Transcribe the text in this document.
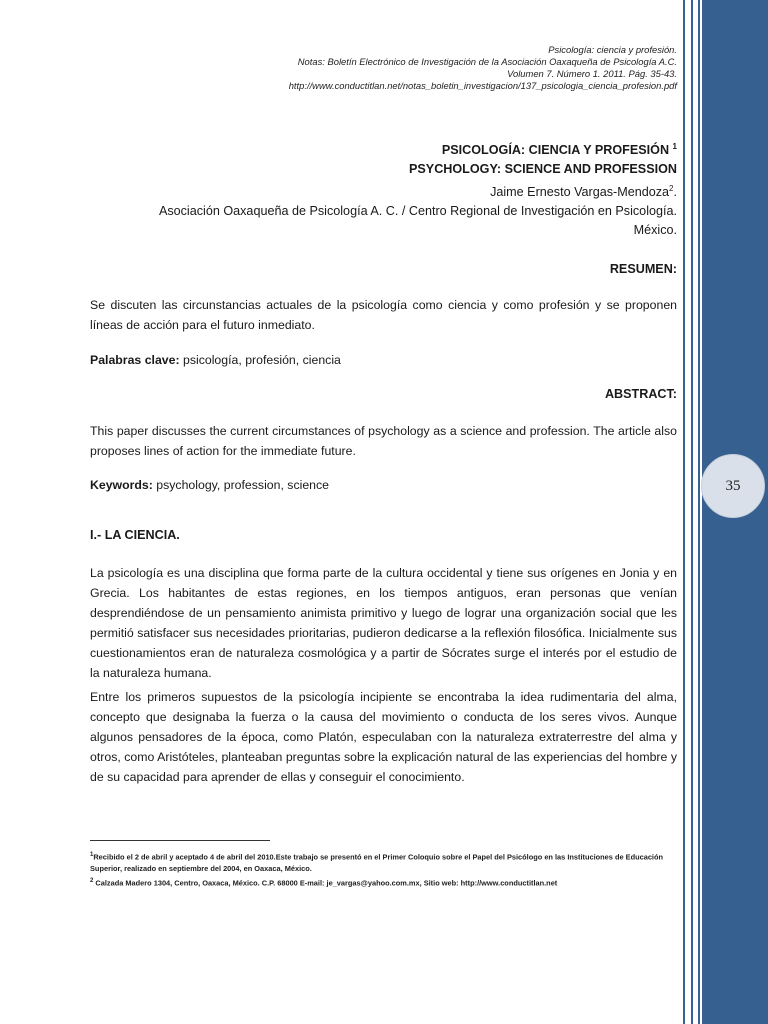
35
Psicología: ciencia y profesión.
Notas: Boletín Electrónico de Investigación de la Asociación Oaxaqueña de Psicología A.C.
Volumen 7. Número 1. 2011. Pág. 35-43.
http://www.conductitlan.net/notas_boletin_investigacion/137_psicologia_ciencia_profesion.pdf
PSICOLOGÍA: CIENCIA Y PROFESIÓN $^1$
PSYCHOLOGY: SCIENCE AND PROFESSION
Jaime Ernesto Vargas-Mendoza$^2$.
Asociación Oaxaqueña de Psicología A. C. / Centro Regional de Investigación en Psicología.
México.
RESUMEN:
Se discuten las circunstancias actuales de la psicología como ciencia y como profesión y se proponen líneas de acción para el futuro inmediato.
Palabras clave: psicología, profesión, ciencia
ABSTRACT:
This paper discusses the current circumstances of psychology as a science and profession. The article also proposes lines of action for the immediate future.
Keywords: psychology, profession, science
I.- LA CIENCIA.
La psicología es una disciplina que forma parte de la cultura occidental y tiene sus orígenes en Jonia y en Grecia. Los habitantes de estas regiones, en los tiempos antiguos, eran personas que venían desprendiéndose de un pensamiento animista primitivo y luego de lograr una organización social que les permitió satisfacer sus necesidades prioritarias, pudieron dedicarse a la reflexión filosófica. Inicialmente sus cuestionamientos eran de naturaleza cosmológica y a partir de Sócrates surge el interés por el estudio de la naturaleza humana.
Entre los primeros supuestos de la psicología incipiente se encontraba la idea rudimentaria del alma, concepto que designaba la fuerza o la causa del movimiento o conducta de los seres vivos. Aunque algunos pensadores de la época, como Platón, especulaban con la naturaleza extraterrestre del alma y otros, como Aristóteles, planteaban preguntas sobre la explicación natural de las experiencias del hombre y de su capacidad para aprender de ellas y conseguir el conocimiento.
$^1$Recibido el 2 de abril y aceptado 4 de abril del 2010.Este trabajo se presentó en el Primer Coloquio sobre el Papel del Psicólogo en las Instituciones de Educación Superior, realizado en septiembre del 2004, en Oaxaca, México.
$^2$ Calzada Madero 1304, Centro, Oaxaca, México. C.P. 68000 E-mail: je_vargas@yahoo.com.mx, Sitio web: http://www.conductitlan.net
